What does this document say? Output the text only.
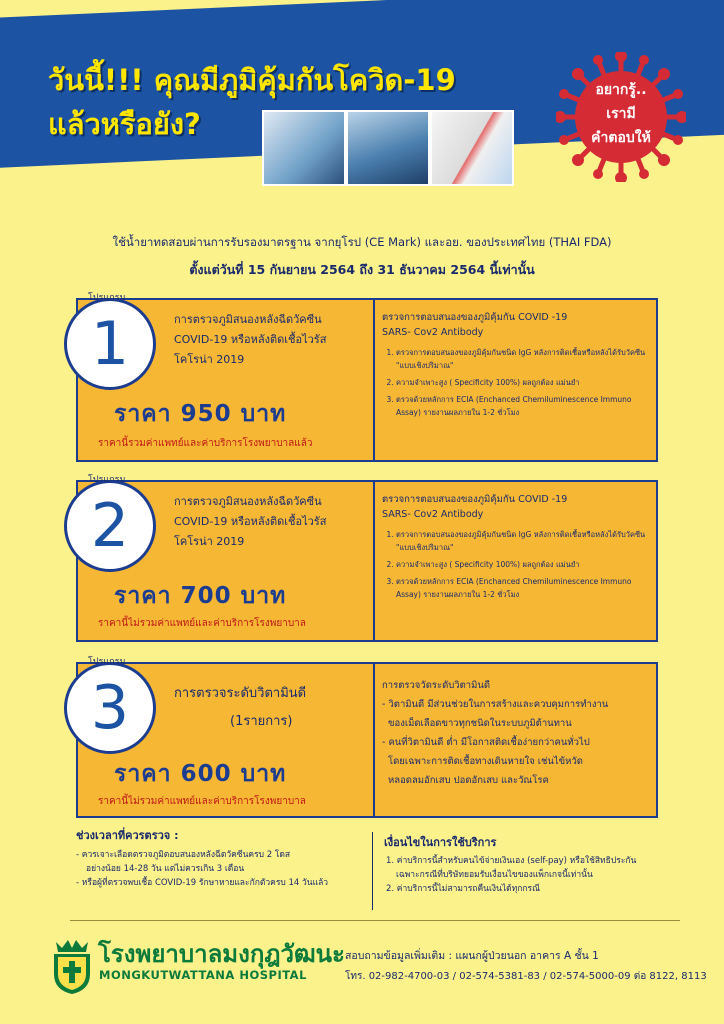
วันนี้!!! คุณมีภูมิคุ้มกันโควิด-19
แล้วหรือยัง?
อยากรู้..
เรามี
คำตอบให้
ใช้น้ำยาทดสอบผ่านการรับรองมาตรฐาน จากยุโรป (CE Mark) และอย. ของประเทศไทย (THAI FDA)
ตั้งแต่วันที่ 15 กันยายน 2564 ถึง 31 ธันวาคม 2564 นี้เท่านั้น
1
โปรแกรม
การตรวจภูมิสนองหลังฉีดวัคซีน
COVID-19 หรือหลังติดเชื้อไวรัส
โคโรน่า 2019
ราคา 950 บาท
ราคานี้รวมค่าแพทย์และค่าบริการโรงพยาบาลแล้ว
ตรวจการตอบสนองของภูมิคุ้มกัน COVID -19
SARS- Cov2 Antibody
1. ตรวจการตอบสนองของภูมิคุ้มกันชนิด IgG หลังการติดเชื้อหรือหลังได้รับวัคซีน "แบบเชิงปริมาณ"
2. ความจำเพาะสูง ( Specificity 100%) ผลถูกต้อง แม่นยำ
3. ตรวจด้วยหลักการ ECIA (Enchanced Chemiluminescence Immuno Assay) รายงานผลภายใน 1-2 ชั่วโมง
2
โปรแกรม
การตรวจภูมิสนองหลังฉีดวัคซีน
COVID-19 หรือหลังติดเชื้อไวรัส
โคโรน่า 2019
ราคา 700 บาท
ราคานี้ไม่รวมค่าแพทย์และค่าบริการโรงพยาบาล
ตรวจการตอบสนองของภูมิคุ้มกัน COVID -19
SARS- Cov2 Antibody
1. ตรวจการตอบสนองของภูมิคุ้มกันชนิด IgG หลังการติดเชื้อหรือหลังได้รับวัคซีน "แบบเชิงปริมาณ"
2. ความจำเพาะสูง ( Specificity 100%) ผลถูกต้อง แม่นยำ
3. ตรวจด้วยหลักการ ECIA (Enchanced Chemiluminescence Immuno Assay) รายงานผลภายใน 1-2 ชั่วโมง
3
โปรแกรม
การตรวจระดับวิตามินดี
(1รายการ)
ราคา 600 บาท
ราคานี้ไม่รวมค่าแพทย์และค่าบริการโรงพยาบาล
การตรวจวัดระดับวิตามินดี
- วิตามินดี มีส่วนช่วยในการสร้างและควบคุมการทำงาน
ของเม็ดเลือดขาวทุกชนิดในระบบภูมิต้านทาน
- คนที่วิตามินดี ต่ำ มีโอกาสติดเชื้อง่ายกว่าคนทั่วไป
โดยเฉพาะการติดเชื้อทางเดินหายใจ เช่นไข้หวัด
หลอดลมอักเสบ ปอดอักเสบ และวัณโรค
ช่วงเวลาที่ควรตรวจ :
- ควรเจาะเลือดตรวจภูมิตอบสนองหลังฉีดวัคซีนครบ 2 โดส
อย่างน้อย 14-28 วัน แต่ไม่ควรเกิน 3 เดือน
- หรือผู้ที่ตรวจพบเชื้อ COVID-19 รักษาหายและกักตัวครบ 14 วันแล้ว
เงื่อนไขในการใช้บริการ
1. ค่าบริการนี้สำหรับคนไข้จ่ายเงินเอง (self-pay) หรือใช้สิทธิประกัน
เฉพาะกรณีที่บริษัทยอมรับเงื่อนไขของแพ็กเกจนี้เท่านั้น
2. ค่าบริการนี้ไม่สามารถคืนเงินได้ทุกกรณี
โรงพยาบาลมงกุฎวัฒนะ
MONGKUTWATTANA HOSPITAL
สอบถามข้อมูลเพิ่มเติม : แผนกผู้ป่วยนอก อาคาร A ชั้น 1
โทร. 02-982-4700-03 / 02-574-5381-83 / 02-574-5000-09 ต่อ 8122, 8113
